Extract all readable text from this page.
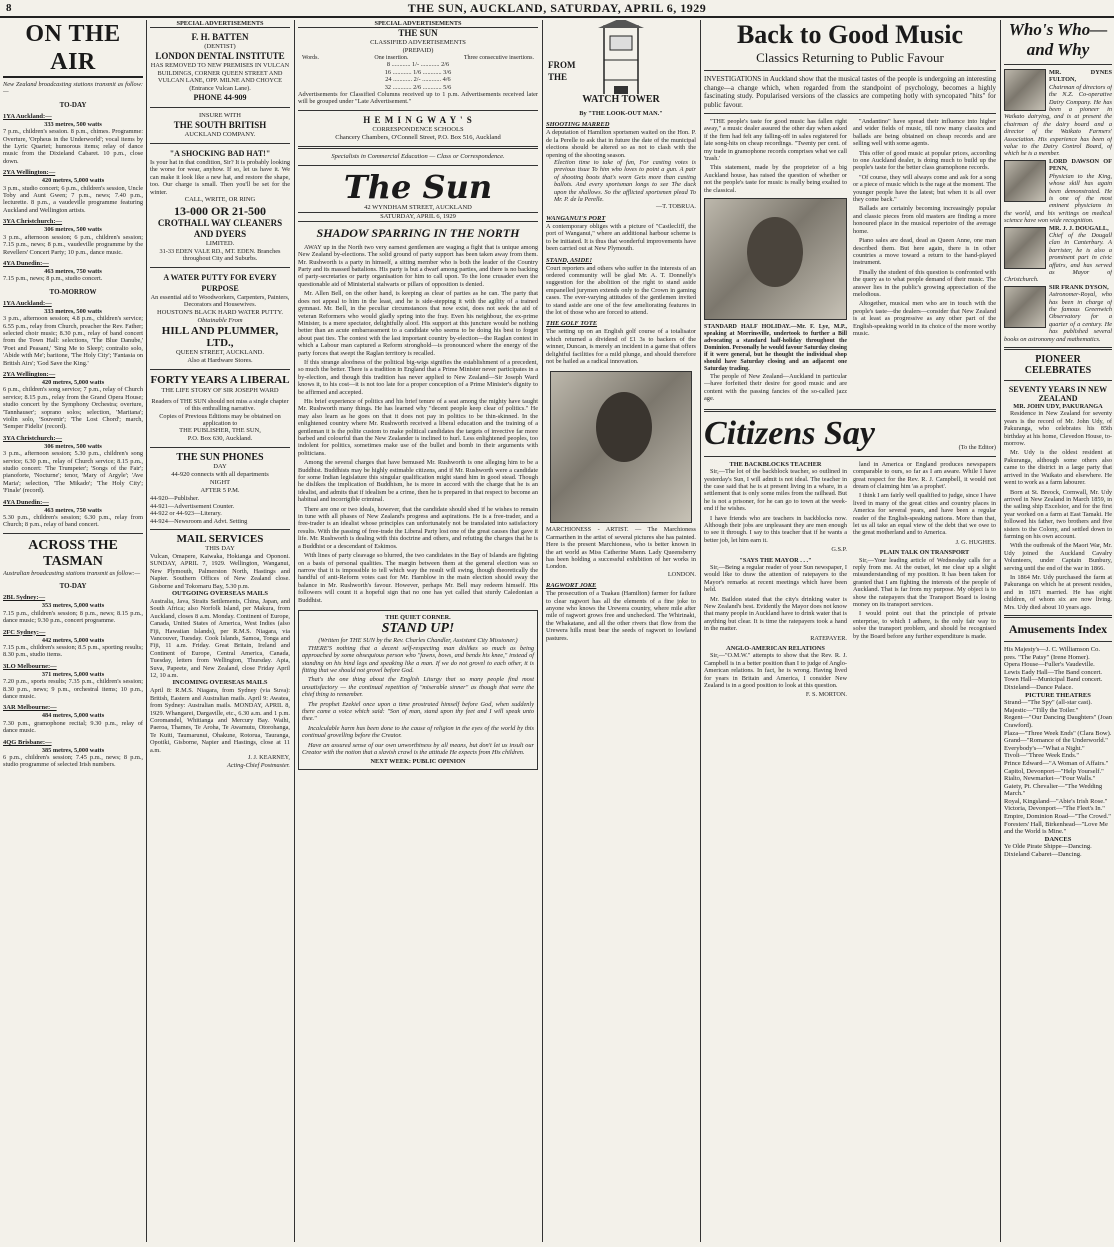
8	THE SUN, AUCKLAND, SATURDAY, APRIL 6, 1929
ON THE AIR
New Zealand broadcasting stations transmit as follow:—
TO-DAY
1YA Auckland:—
333 metres, 500 watts
7 p.m., children's session. 8 p.m., chimes. Programme: Overture, 'Orpheus in the Underworld'; vocal items by the Lyric Quartet; humorous items; relay of dance music from the Dixieland Cabaret. 10 p.m., close down.
2YA Wellington:—
420 metres, 5,000 watts
3 p.m., studio concert; 6 p.m., children's session, Uncle Toby and Aunt Gwen; 7 p.m., news; 7.40 p.m., lecturette. 8 p.m., a vaudeville programme featuring Auckland and Wellington artists.
3YA Christchurch:—
306 metres, 500 watts
3 p.m., afternoon session; 6 p.m., children's session; 7.15 p.m., news; 8 p.m., vaudeville programme by the Revellers' Concert Party; 10 p.m., dance music.
4YA Dunedin:—
463 metres, 750 watts
7.15 p.m., news; 8 p.m., studio concert.
TO-MORROW
1YA Auckland:—
333 metres, 500 watts
3 p.m., afternoon session; 4.8 p.m., children's service; 6.55 p.m., relay from Church, preacher the Rev. Father; selected choir music; 8.30 p.m., relay of band concert from the Town Hall: selections, 'The Blue Danube,' 'Poet and Peasant,' 'Sing Me to Sleep'; contralto solo, 'Abide with Me'; baritone, 'The Holy City'; 'Fantasia on British Airs'; 'God Save the King.'
2YA Wellington:—
420 metres, 5,000 watts
6 p.m., children's song service; 7 p.m., relay of Church service; 8.15 p.m., relay from the Grand Opera House; studio concert by the Symphony Orchestra; overture, 'Tannhauser'; soprano solos; selection, 'Maritana'; violin solo, 'Souvenir'; 'The Lost Chord'; march, 'Semper Fidelis' (record).
3YA Christchurch:—
306 metres, 500 watts
3 p.m., afternoon session; 5.30 p.m., children's song service; 6.30 p.m., relay of Church service; 8.15 p.m., studio concert: 'The Trumpeter'; 'Songs of the Fair'; pianoforte, 'Nocturne'; tenor, 'Mary of Argyle'; 'Ave Maria'; selection, 'The Mikado'; 'The Holy City'; 'Finale' (record).
4YA Dunedin:—
463 metres, 750 watts
5.30 p.m., children's session; 6.30 p.m., relay from Church; 8 p.m., relay of band concert.
ACROSS THE TASMAN
Australian broadcasting stations transmit as follow:—
TO-DAY
2BL Sydney:—
353 metres, 5,000 watts
7.15 p.m., children's session; 8 p.m., news; 8.15 p.m., dance music; 9.30 p.m., concert programme.
2FC Sydney:—
442 metres, 5,000 watts
7.15 p.m., children's session; 8.5 p.m., sporting results; 8.30 p.m., studio items.
3LO Melbourne:—
371 metres, 5,000 watts
7.20 p.m., sports results; 7.35 p.m., children's session; 8.30 p.m., news; 9 p.m., orchestral items; 10 p.m., dance music.
3AR Melbourne:—
484 metres, 5,000 watts
7.30 p.m., gramophone recital; 9.30 p.m., relay of dance music.
4QG Brisbane:—
385 metres, 5,000 watts
6 p.m., children's session; 7.45 p.m., news; 8 p.m., studio programme of selected Irish numbers.
SPECIAL ADVERTISEMENTS
F. H. BATTEN
(DENTIST)
LONDON DENTAL INSTITUTE
HAS REMOVED TO NEW PREMISES IN VULCAN BUILDINGS, CORNER QUEEN STREET AND VULCAN LANE, OPP. MILNE AND CHOYCE (Entrance Vulcan Lane).
PHONE 44-909
INSURE WITH
THE SOUTH BRITISH
AUCKLAND COMPANY.
"A SHOCKING BAD HAT!"
Is your hat in that condition, Sir? It is probably looking the worse for wear, anyhow. If so, let us have it. We can make it look like a new hat, and restore the shape, too. Our charge is small. Then you'll be set for the winter.
CALL, WRITE, OR RING
13-000 OR 21-500
CROTHALL WAY CLEANERS AND DYERS
LIMITED.
31-33 EDEN VALE RD., MT. EDEN. Branches throughout City and Suburbs.
A WATER PUTTY FOR EVERY PURPOSE
An essential aid to Woodworkers, Carpenters, Painters, Decorators and Housewives.
HOUSTON'S BLACK HARD WATER PUTTY.
Obtainable From
HILL AND PLUMMER, LTD.,
QUEEN STREET, AUCKLAND.
Also at Hardware Stores.
FORTY YEARS A LIBERAL
THE LIFE STORY OF SIR JOSEPH WARD
Readers of THE SUN should not miss a single chapter of this enthralling narrative.
Copies of Previous Editions may be obtained on application to
THE PUBLISHER, THE SUN,
P.O. Box 630, Auckland.
THE SUN PHONES
DAY
44-920 connects with all departments
NIGHT
AFTER 5 P.M.
44-920—Publisher.
44-921—Advertisement Counter.
44-922 or 44-923—Literary.
44-924—Newsroom and Advt. Setting
MAIL SERVICES
THIS DAY
Vulcan, Omapere, Kaiwaka, Hokianga and Opononi. SUNDAY, APRIL 7, 1929. Wellington, Wanganui, New Plymouth, Palmerston North, Hastings and Napier. Southern Offices of New Zealand close. Gisborne and Tokomaru Bay, 5.30 p.m.
OUTGOING OVERSEAS MAILS
Australia, Java, Straits Settlements, China, Japan, and South Africa; also Norfolk Island, per Makura, from Auckland, closes 8 a.m. Monday. Continent of Europe, Canada, United States of America, West Indies (also Fiji, Hawaiian Islands), per R.M.S. Niagara, via Vancouver, Tuesday. Cook Islands, Samoa, Tonga and Fiji, 11 a.m. Friday. Great Britain, Ireland and Continent of Europe, Central America, Canada, Tuesday, letters from Wellington, Thursday. Apia, Suva, Papeete, and New Zealand, close Friday April 12, 10 a.m.
INCOMING OVERSEAS MAILS
April 8: R.M.S. Niagara, from Sydney (via Suva): British, Eastern and Australian mails. April 9: Awatea, from Sydney: Australian mails. MONDAY, APRIL 8, 1929. Whangarei, Dargaville, etc., 6.30 a.m. and 1 p.m. Coromandel, Whitianga and Mercury Bay. Waihi, Paeroa, Thames, Te Aroha, Te Awamutu, Otorohanga, Te Kuiti, Taumarunui, Ohakune, Rotorua, Tauranga, Opotiki, Gisborne, Napier and Hastings, close at 11 a.m.
J. J. KEARNEY,
Acting-Chief Postmaster.
SPECIAL ADVERTISEMENTS
THE SUN
CLASSIFIED ADVERTISEMENTS
(PREPAID)
Words.	One insertion.	Three consecutive insertions.
8 ............ 1/- ............ 2/6
16 ............ 1/6 ............ 3/6
24 ............ 2/- ............ 4/6
32 ............ 2/6 ............ 5/6
Advertisements for Classified Columns received up to 1 p.m. Advertisements received later will be grouped under "Late Advertisement."
H E M I N G W A Y ' S
CORRESPONDENCE SCHOOLS
Chancery Chambers, O'Connell Street, P.O. Box 516, Auckland
Specialists in Commercial Education — Class or Correspondence.
The Sun
42 WYNDHAM STREET, AUCKLAND
SATURDAY, APRIL 6, 1929
SHADOW SPARRING IN THE NORTH

AWAY up in the North two very earnest gentlemen are waging a fight that is unique among New Zealand by-elections. The solid ground of party support has been taken away from them. Mr. Rushworth is a party in himself, a sitting member who is both the leader of the Country Party and its massed battalions. His party is but a dwarf among parties, and there is no backing of party-secretaries or party organisation for him to call upon. To the lone crusader even the questionable aid of Ministerial stalwarts or pillars of opposition is denied.

Mr. Allen Bell, on the other hand, is keeping as clear of parties as he can. The party that does not appeal to him in the least, and he is side-stepping it with the agility of a trained gymnast. Mr. Bell, in the peculiar circumstances that now exist, does not seek the aid of veteran Reformers who would gladly spring into the fray. Even his neighbour, the ex-prime Minister, is a mere spectator, delightfully aloof. His support at this juncture would be nothing better than an acute embarrassment to a candidate who seems to be doing his best to forget about past ties. The contest with the last important country by-election—the Raglan contest in which a Labour man captured a Reform stronghold—is pronounced where the energy of the party forces that swept the Raglan territory is recalled.

If this strange aloofness of the political big-wigs signifies the establishment of a precedent, so much the better. There is a tradition in England that a Prime Minister never participates in a by-election, and though this tradition has never applied to New Zealand—Sir Joseph Ward knows it, to his cost—it is not too late for a proper conception of a Prime Minister's dignity to be affirmed and accepted.

His brief experience of politics and his brief tenure of a seat among the mighty have taught Mr. Rushworth many things. He has learned why "decent people keep clear of politics." He may also learn as he goes on that it does not pay in politics to be thin-skinned. In the enlightened country where Mr. Rushworth received a liberal education and the training of a gentleman it is the polite custom to make political candidates the targets of invective far more barbed and colourful than the New Zealander is inclined to hurl. Less enlightened peoples, too indolent for politics, sometimes make use of the bullet and bomb in their arguments with politicians.

Among the several charges that have bemused Mr. Rushworth is one alleging him to be a Buddhist. Buddhists may be highly estimable citizens, and if Mr. Rushworth were a candidate for some Indian legislature this singular qualification might stand him in good stead. Though he dislikes the implication of Buddhism, he is more in accord with the charge that he is an idealist, and admits that if idealism be a crime, then he is prepared in that respect to become an habitual and incorrigible criminal.

There are one or two ideals, however, that the candidate should shed if he wishes to remain in tune with all phases of New Zealand's progress and aspirations. He is a free-trader, and a free-trader is an idealist whose principles can unfortunately not be translated into satisfactory results. With the passing of free-trade the Liberal Party lost one of the great causes that gave it life. Mr. Rushworth is dealing with this doctrine and others, and refuting the charges that he is a Buddhist or a descendant of Eskimos.

With lines of party cleavage so blurred, the two candidates in the Bay of Islands are fighting on a basis of personal qualities. The margin between them at the general election was so narrow that it is impossible to tell which way the result will swing, though theoretically the handful of anti-Reform votes cast for Mr. Hamblow in the main election should sway the balance in Mr. Rushworth's favour. However, perhaps Mr. Bell may redeem himself. His followers will count it a hopeful sign that no one has yet called that sturdy Caledonian a Buddhist.

THE QUIET CORNER.
STAND UP!
(Written for THE SUN by the Rev. Charles Chandler, Assistant City Missioner.)

THERE'S nothing that a decent self-respecting man dislikes so much as being approached by some obsequious person who "fawns, bows, and bends his knee," instead of standing on his hind legs and speaking like a man. If we do not grovel to each other, it is fitting that we should not grovel before God.

That's the one thing about the English Liturgy that so many people find most unsatisfactory — the continual repetition of "miserable sinner" as though that were the chief thing to remember.

The prophet Ezekiel once upon a time prostrated himself before God, when suddenly there came a voice which said: "Son of man, stand upon thy feet and I will speak unto thee."

Incalculable harm has been done to the cause of religion in the eyes of the world by this continual grovelling before the Creator.

Have an assured sense of our own unworthiness by all means, but don't let us insult our Creator with the notion that a slavish crawl is the attitude He expects from His children.

NEXT WEEK: PUBLIC OPINION
FROM
THE
WATCH TOWER
By "THE LOOK-OUT MAN."
SHOOTING MARRED
A deputation of Hamilton sportsmen waited on the Hon. P. de la Perelle to ask that in future the date of the municipal elections should be altered so as not to clash with the opening of the shooting season.
Election time to take of fun, For casting votes is previous tisue To him who loves to point a gun. A pair of shooting boots that's worn Gets more than casting ballots. And every sportsman longs to see The duck upon the shallows. So the afflicted sportsmen plead To Mr. P. de la Perelle.
—T. TOBRUA.
WANGANUI'S PORT
A contemporary obliges with a picture of "Castlecliff, the port of Wanganui," where an additional harbour scheme is to be initiated. It is thus that wonderful improvements have been carried out at New Plymouth.
STAND, ASIDE!
Court reporters and others who suffer in the interests of an ordered community will be glad Mr. A. T. Donnelly's suggestion for the abolition of the right to stand aside empanelled jurymen extends only to the Crown in gaming cases. The ever-varying attitudes of the gentlemen invited to stand aside are one of the few ameliorating features in the lot of those who are forced to attend.
THE GOLF TOTE
The setting up on an English golf course of a totalisator which returned a dividend of £1 3s to backers of the winner, Duncan, is merely an incident in a game that offers delightful facilities for a mild plunge, and should therefore not be hailed as a radical innovation.
MARCHIONESS - ARTIST. — The Marchioness Carmarthen in the artist of several pictures she has painted. Here is the present Marchioness, who is better known in the art world as Miss Catherine Mann. Lady Queensberry has been holding a successful exhibition of her works in London.
LONDON.
RAGWORT JOKE
The prosecution of a Tuakau (Hamilton) farmer for failure to clear ragwort has all the elements of a fine joke to anyone who knows the Urewera country, where mile after mile of ragwort grows free and unchecked. The Whirinaki, the Whakatane, and all the other rivers that flow from the Urewera hills must bear the seeds of ragwort to lowland pastures.
Back to Good Music
Classics Returning to Public Favour
INVESTIGATIONS in Auckland show that the musical tastes of the people is undergoing an interesting change—a change which, when regarded from the standpoint of psychology, becomes a highly fascinating study. Popularised versions of the classics are competing hotly with syncopated "hits" for public favour.

"THE people's taste for good music has fallen right away," a music dealer assured the other day when asked if the firm had felt any falling-off in sales registered for late song-hits on cheap recordings. "Twenty per cent. of my trade in gramophone records comprises what we call 'trash.'

This statement, made by the proprietor of a big Auckland house, has raised the question of whether or not the people's taste for music is really being exalted to the classical.

STANDARD HALF HOLIDAY.—Mr. F. Lye, M.P., speaking at Morrinsville, undertook to further a Bill advocating a standard half-holiday throughout the Dominion. Personally he would favour Saturday closing if it were general, but he thought the individual shop should have Saturday closing and an adjacent one Saturday trading.

The people of New Zealand—Auckland in particular—have forfeited their desire for good music and are content with the passing fancies of the so-called jazz age.

"Andantino" have spread their influence into higher and wider fields of music, till now many classics and ballads are being obtained on cheap records and are selling well with some agents.

This offer of good music at popular prices, according to one Auckland dealer, is doing much to build up the people's taste for the better class gramophone records.

"Of course, they will always come and ask for a song or a piece of music which is the rage at the moment. The younger people have the latest; but when it is all over they come back."

Ballads are certainly becoming increasingly popular and classic pieces from old masters are finding a more honoured place in the musical repertoire of the average home.

Piano sales are dead, dead as Queen Anne, one man described them. But here again, there is in other countries a move toward a return to the hand-played instrument.

Finally the student of this question is confronted with the query as to what people demand of their music. The answer lies in the public's growing appreciation of the melodious.

Altogether, musical men who are in touch with the people's taste—the dealers—consider that New Zealand is at least as progressive as any other part of the English-speaking world in its choice of the more worthy music.

Citizens Say	(To the Editor)
THE BACKBLOCKS TEACHER

Sir,—The lot of the backblock teacher, so outlined in yesterday's Sun, I will admit is not ideal. The teacher in the case said that he is at present living in a whare, in a settlement that is only some miles from the railhead. But he is not a prisoner, for he can go to town at the week-end if he wishes.

I have friends who are teachers in backblocks now. Although their jobs are unpleasant they are men enough to see it through. I say to this teacher that if he wants a better job, let him earn it.

G.S.P.
"SAYS THE MAYOR . . ."

Sir,—Being a regular reader of your Sun newspaper, I would like to draw the attention of ratepayers to the Mayor's remarks at recent meetings which have been held.

Mr. Baildon stated that the city's drinking water is New Zealand's best. Evidently the Mayor does not know that many people in Auckland have to drink water that is anything but clear. It is time the ratepayers took a hand in the matter.

RATEPAYER.
ANGLO-AMERICAN RELATIONS

Sir,—"O.M.W." attempts to show that the Rev. R. J. Campbell is in a better position than I to judge of Anglo-American relations. In fact, he is wrong. Having lived for years in Britain and America, I consider New Zealand is in a good position to look at this question.

F. S. MORTON.

land in America or England produces newspapers comparable to ours, so far as I am aware. While I have great respect for the Rev. R. J. Campbell, it would not dream of claiming him 'as a prophet'.

I think I am fairly well qualified to judge, since I have lived in many of the great cities and country places in America for several years, and have been a regular reader of the English-speaking nations. More than that, let us all take an equal view of the debt that we owe to the great motherland and to America.

J. G. HUGHES.
PLAIN TALK ON TRANSPORT

Sir,—Your leading article of Wednesday calls for a reply from me. At the outset, let me clear up a slight misunderstanding of my position. It has been taken for granted that I am fighting the interests of the people of Auckland. That is far from my purpose. My object is to show the ratepayers that the Transport Board is losing money on its transport services.

I would point out that the principle of private enterprise, to which I adhere, is the only fair way to solve the transport problem, and should be recognised by the Board before any further expenditure is made.

Who's Who—and Why
MR. DYNES FULTON,
Chairman of directors of the N.Z. Co-operative Dairy Company. He has been a pioneer in Waikato dairying, and is at present the chairman of the dairy board and a director of the Waikato Farmers' Association. His experience has been of value to the Dairy Control Board, of which he is a member.
LORD DAWSON OF PENN,
Physician to the King, whose skill has again been demonstrated. He is one of the most eminent physicians in the world, and his writings on medical science have won wide recognition.
MR. J. J. DOUGALL,
Chief of the Dougall clan in Canterbury. A barrister, he is also a prominent part in civic affairs, and has served as Mayor of Christchurch.
SIR FRANK DYSON,
Astronomer-Royal, who has been in charge of the famous Greenwich Observatory for a quarter of a century. He has published several books on astronomy and mathematics.
PIONEER CELEBRATES
SEVENTY YEARS IN NEW ZEALAND
MR. JOHN UDY, PAKURANGA

Residence in New Zealand for seventy years is the record of Mr. John Udy, of Pakuranga, who celebrates his 85th birthday at his home, Clevedon House, to-morrow.

Mr. Udy is the oldest resident at Pakuranga, although some others also came to the district in a large party that arrived in the Waikato and elsewhere. He went to work as a farm labourer.

Born at St. Breock, Cornwall, Mr. Udy arrived in New Zealand in March 1859, in the sailing ship Excelsior, and for the first year worked on a farm at East Tamaki. He followed his father, two brothers and five sisters to the Colony, and settled down to farming on his own account.

With the outbreak of the Maori War, Mr. Udy joined the Auckland Cavalry Volunteers, under Captain Bunbury, serving until the end of the war in 1866.

In 1864 Mr. Udy purchased the farm at Pakuranga on which he at present resides, and in 1871 married. He has eight children, of whom six are now living. Mrs. Udy died about 10 years ago.

Amusements Index
His Majesty's—J. C. Williamson Co. pres. "The Patsy" (Irene Homer).
Opera House—Fuller's Vaudeville.
Lewis Eady Hall—The Band concert.
Town Hall—Municipal Band concert.
Dixieland—Dance Palace.
PICTURE THEATRES
Strand—"The Spy" (all-star cast).
Majestic—"Tilly the Toiler."
Regent—"Our Dancing Daughters" (Joan Crawford).
Plaza—"Three Week Ends" (Clara Bow).
Grand—"Romance of the Underworld."
Everybody's—"What a Night."
Tivoli—"Three Week Ends."
Prince Edward—"A Woman of Affairs."
Capitol, Devonport—"Help Yourself."
Rialto, Newmarket—"Four Walls."
Gaiety, Pt. Chevalier—"The Wedding March."
Royal, Kingsland—"Abie's Irish Rose."
Victoria, Devonport—"The Fleet's In."
Empire, Dominion Road—"The Crowd."
Foresters' Hall, Birkenhead—"Love Me and the World is Mine."
DANCES
Ye Olde Pirate Shippe—Dancing.
Dixieland Cabaret—Dancing.
